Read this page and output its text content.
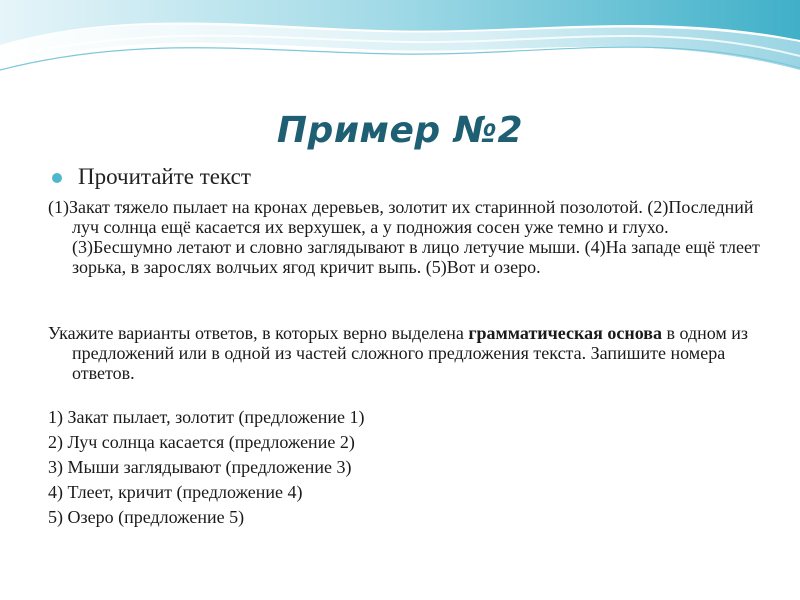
Пример №2
Прочитайте текст
(1)Закат тяжело пылает на кронах деревьев, золотит их старинной позолотой. (2)Последний луч солнца ещё касается их верхушек, а у подножия сосен уже темно и глухо. (3)Бесшумно летают и словно заглядывают в лицо летучие мыши. (4)На западе ещё тлеет зорька, в зарослях волчьих ягод кричит выпь. (5)Вот и озеро.
Укажите варианты ответов, в которых верно выделена грамматическая основа в одном из предложений или в одной из частей сложного предложения текста. Запишите номера ответов.
1) Закат пылает, золотит (предложение 1)
2) Луч солнца касается (предложение 2)
3) Мыши заглядывают (предложение 3)
4) Тлеет, кричит (предложение 4)
5) Озеро (предложение 5)
